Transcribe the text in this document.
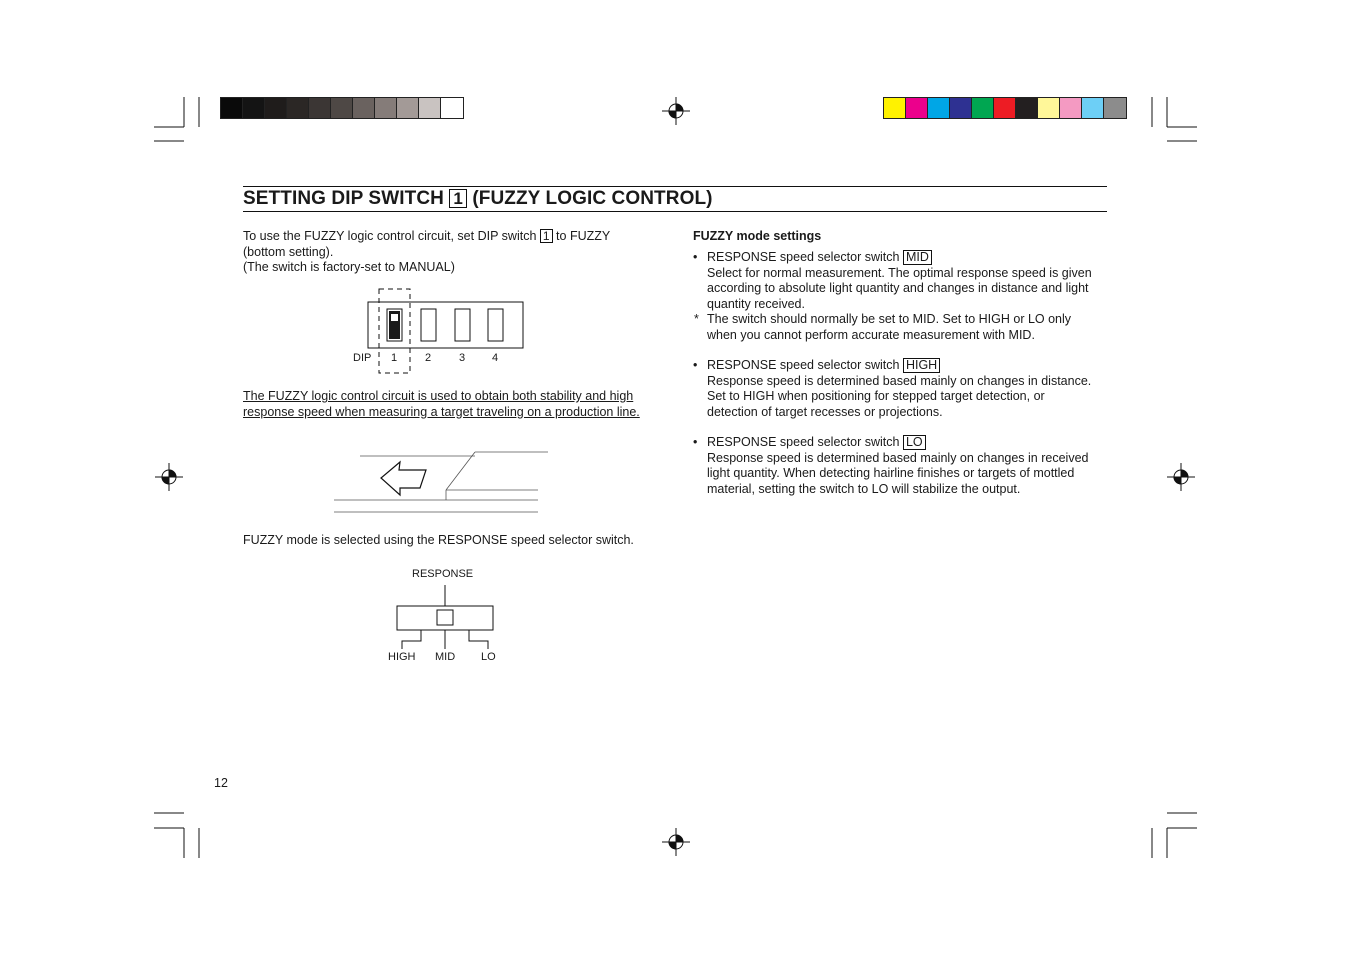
SETTING DIP SWITCH 1 (FUZZY LOGIC CONTROL)
To use the FUZZY logic control circuit, set DIP switch 1 to FUZZY
(bottom setting).
(The switch is factory-set to MANUAL)
DIP 1	2	3 4
The FUZZY logic control circuit is used to obtain both stability and high
response speed when measuring a target traveling on a production line.
FUZZY mode is selected using the RESPONSE speed selector switch.
RESPONSE
HIGH MID LO
FUZZY mode settings
• RESPONSE speed selector switch MID
Select for normal measurement. The optimal response speed is given
according to absolute light quantity and changes in distance and light
quantity received.
* The switch should normally be set to MID. Set to HIGH or LO only
when you cannot perform accurate measurement with MID.
• RESPONSE speed selector switch HIGH
Response speed is determined based mainly on changes in distance.
Set to HIGH when positioning for stepped target detection, or
detection of target recesses or projections.
• RESPONSE speed selector switch LO
Response speed is determined based mainly on changes in received
light quantity. When detecting hairline finishes or targets of mottled
material, setting the switch to LO will stabilize the output.
12
